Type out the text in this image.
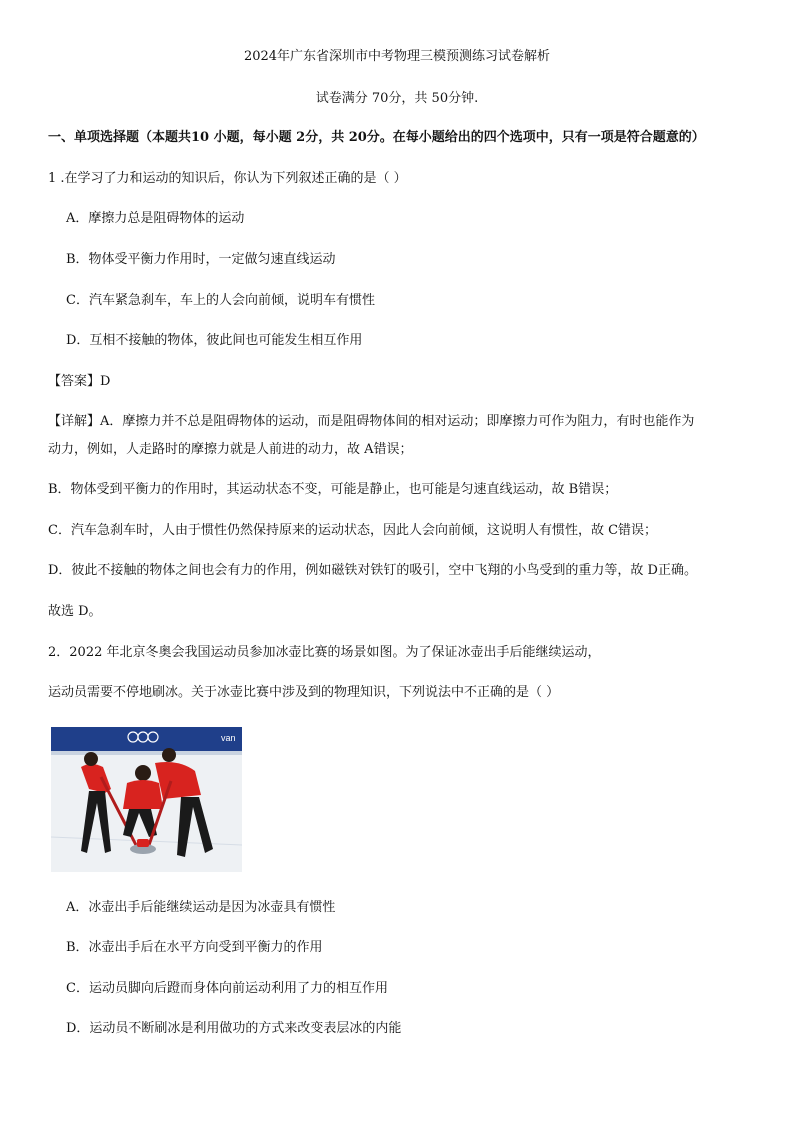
2024年广东省深圳市中考物理三模预测练习试卷解析
试卷满分 70分，共 50分钟.
一、单项选择题（本题共10 小题，每小题 2分，共 20分。在每小题给出的四个选项中，只有一项是符合题意的）
1 .在学习了力和运动的知识后，你认为下列叙述正确的是（ ）
A．摩擦力总是阻碍物体的运动
B．物体受平衡力作用时，一定做匀速直线运动
C．汽车紧急刹车，车上的人会向前倾，说明车有惯性
D．互相不接触的物体，彼此间也可能发生相互作用
【答案】D
【详解】A．摩擦力并不总是阻碍物体的运动，而是阻碍物体间的相对运动；即摩擦力可作为阻力，有时也能作为
动力，例如，人走路时的摩擦力就是人前进的动力，故 A错误；
B．物体受到平衡力的作用时，其运动状态不变，可能是静止，也可能是匀速直线运动，故 B错误；
C．汽车急刹车时，人由于惯性仍然保持原来的运动状态，因此人会向前倾，这说明人有惯性，故 C错误；
D．彼此不接触的物体之间也会有力的作用，例如磁铁对铁钉的吸引，空中飞翔的小鸟受到的重力等，故 D正确。
故选 D。
2．2022 年北京冬奥会我国运动员参加冰壶比赛的场景如图。为了保证冰壶出手后能继续运动，
运动员需要不停地刷冰。关于冰壶比赛中涉及到的物理知识，下列说法中不正确的是（ ）
van
A．冰壶出手后能继续运动是因为冰壶具有惯性
B．冰壶出手后在水平方向受到平衡力的作用
C．运动员脚向后蹬而身体向前运动利用了力的相互作用
D．运动员不断刷冰是利用做功的方式来改变表层冰的内能
